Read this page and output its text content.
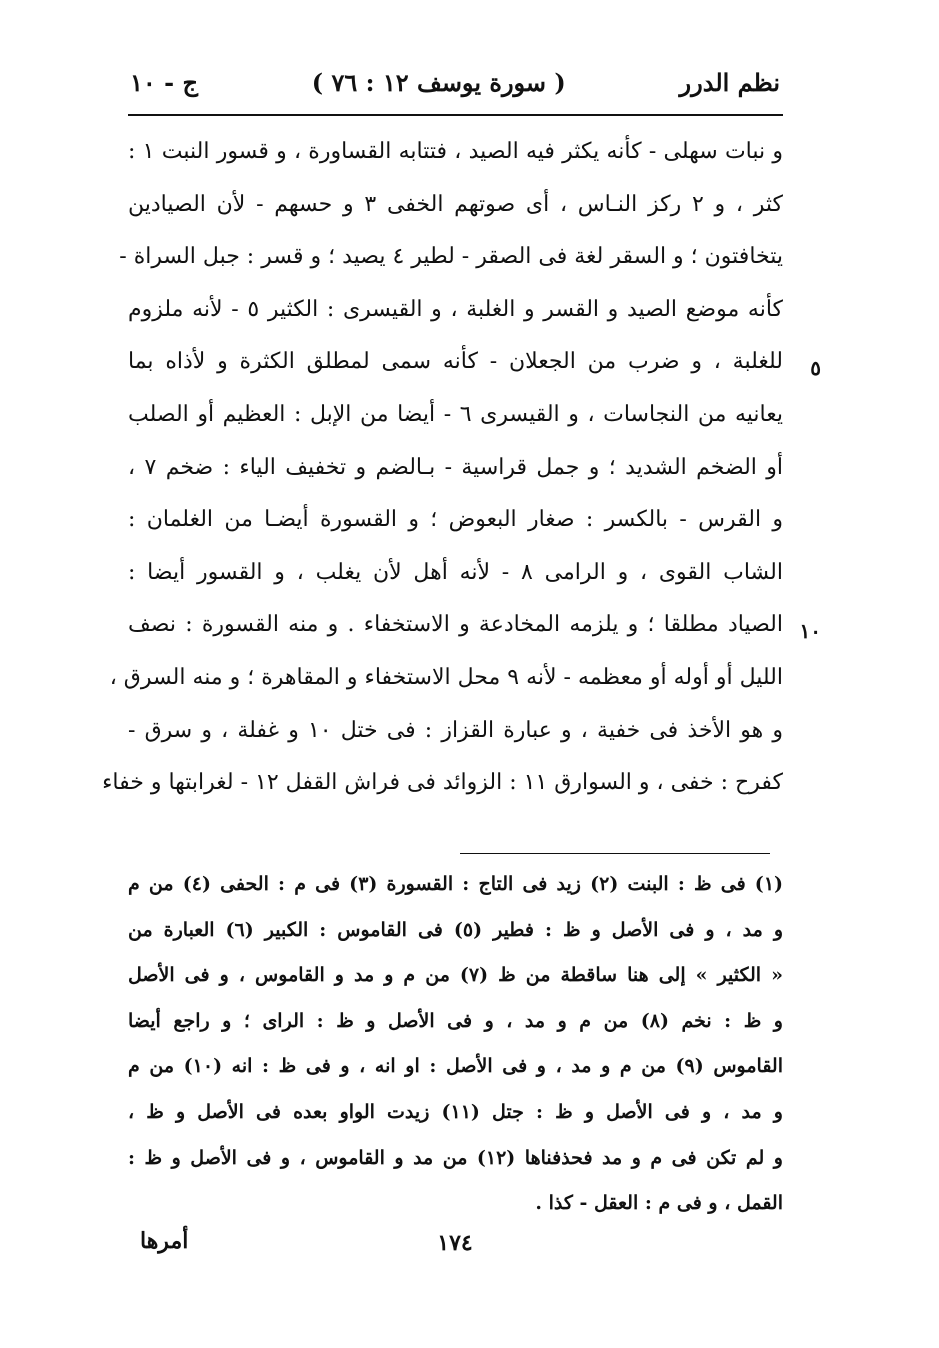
نظم الدرر
( سورة يوسف ١٢ : ٧٦ )
ج - ١٠
و نبات سهلى - كأنه يكثر فيه الصيد ، فتتابه القساورة ، و قسور النبت ١ :
كثر ، و ٢ ركز النـاس ، أى صوتهم الخفى ٣ و حسهم - لأن الصيادين
يتخافتون ؛ و السقر لغة فى الصقر - لطير ٤ يصيد ؛ و قسر : جبل السراة -
كأنه موضع الصيد و القسر و الغلبة ، و القيسرى : الكثير ٥ - لأنه ملزوم
للغلبة ، و ضرب من الجعلان - كأنه سمى لمطلق الكثرة و لأذاه بما
يعانيه من النجاسات ، و القيسرى ٦ - أيضا من الإبل : العظيم أو الصلب
أو الضخم الشديد ؛ و جمل قراسية - بـالضم و تخفيف الياء : ضخم ٧ ،
و القرس - بالكسر : صغار البعوض ؛ و القسورة أيضـا من الغلمان :
الشاب القوى ، و الرامى ٨ - لأنه أهل لأن يغلب ، و القسور أيضا :
الصياد مطلقا ؛ و يلزمه المخادعة و الاستخفاء . و منه القسورة : نصف
الليل أو أوله أو معظمه - لأنه ٩ محل الاستخفاء و المقاهرة ؛ و منه السرق ،
و هو الأخذ فى خفية ، و عبارة القزاز : فى ختل ١٠ و غفلة ، و سرق -
كفرح : خفى ، و السوارق ١١ : الزوائد فى فراش القفل ١٢ - لغرابتها و خفاء
٥
١٠
(١) فى ظ : البنت (٢) زيد فى التاج : القسورة (٣) فى م : الحفى (٤) من م
و مد ، و فى الأصل و ظ : فطير (٥) فى القاموس : الكبير (٦) العبارة من
« الكثير » إلى هنا ساقطة من ظ (٧) من م و مد و القاموس ، و فى الأصل
و ظ : نخم (٨) من م و مد ، و فى الأصل و ظ : الراى ؛ و راجع أيضا
القاموس (٩) من م و مد ، و فى الأصل : او انه ، و فى ظ : انه (١٠) من م
و مد ، و فى الأصل و ظ : جتل (١١) زيدت الواو بعده فى الأصل و ظ ،
و لم تكن فى م و مد فحذفناها (١٢) من مد و القاموس ، و فى الأصل و ظ :
القمل ، و فى م : العقل - كذا .
١٧٤
أمرها
